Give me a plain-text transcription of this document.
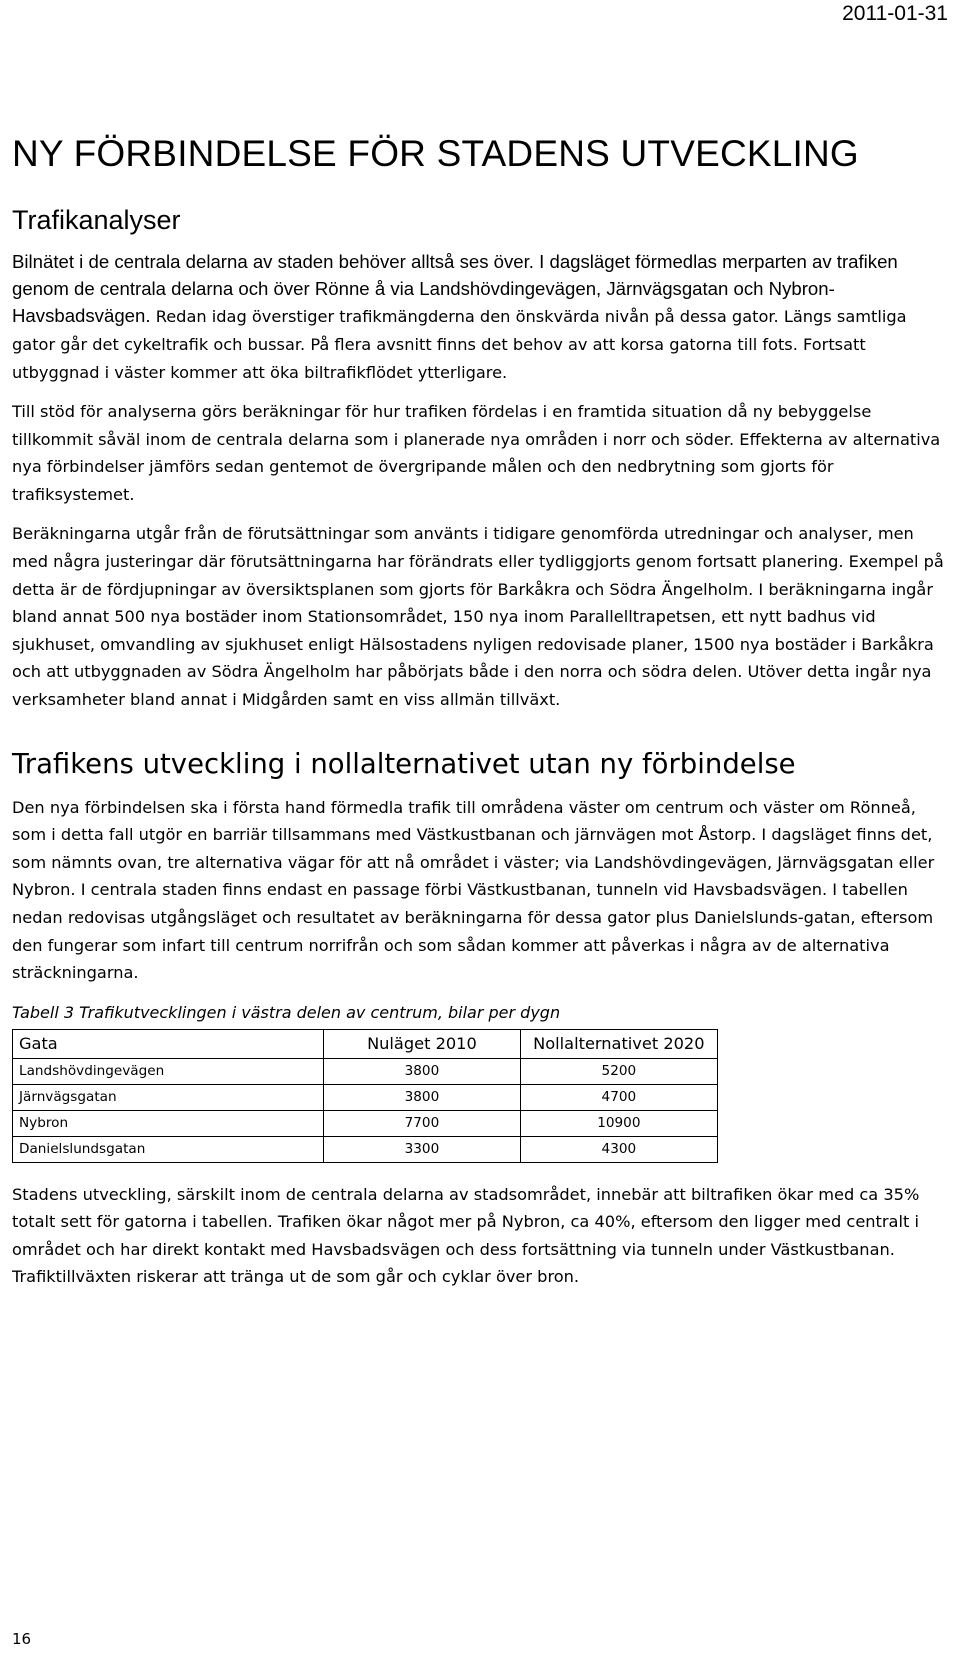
2011-01-31
NY FÖRBINDELSE FÖR STADENS UTVECKLING
Trafikanalyser

Bilnätet i de centrala delarna av staden behöver alltså ses över. I dagsläget förmedlas merparten av trafiken genom de centrala delarna och över Rönne å via Landshövdingevägen, Järnvägsgatan och Nybron-Havsbadsvägen. Redan idag överstiger trafikmängderna den önskvärda nivån på dessa gator. Längs samtliga gator går det cykeltrafik och bussar. På flera avsnitt finns det behov av att korsa gatorna till fots. Fortsatt utbyggnad i väster kommer att öka biltrafikflödet ytterligare.

Till stöd för analyserna görs beräkningar för hur trafiken fördelas i en framtida situation då ny bebyggelse tillkommit såväl inom de centrala delarna som i planerade nya områden i norr och söder. Effekterna av alternativa nya förbindelser jämförs sedan gentemot de övergripande målen och den nedbrytning som gjorts för trafiksystemet.

Beräkningarna utgår från de förutsättningar som använts i tidigare genomförda utredningar och analyser, men med några justeringar där förutsättningarna har förändrats eller tydliggjorts genom fortsatt planering. Exempel på detta är de fördjupningar av översiktsplanen som gjorts för Barkåkra och Södra Ängelholm. I beräkningarna ingår bland annat 500 nya bostäder inom Stationsområdet, 150 nya inom Parallelltrapetsen, ett nytt badhus vid sjukhuset, omvandling av sjukhuset enligt Hälsostadens nyligen redovisade planer, 1500 nya bostäder i Barkåkra och att utbyggnaden av Södra Ängelholm har påbörjats både i den norra och södra delen. Utöver detta ingår nya verksamheter bland annat i Midgården samt en viss allmän tillväxt.

Trafikens utveckling i nollalternativet utan ny förbindelse

Den nya förbindelsen ska i första hand förmedla trafik till områdena väster om centrum och väster om Rönneå, som i detta fall utgör en barriär tillsammans med Västkustbanan och järnvägen mot Åstorp. I dagsläget finns det, som nämnts ovan, tre alternativa vägar för att nå området i väster; via Landshövdingevägen, Järnvägsgatan eller Nybron. I centrala staden finns endast en passage förbi Västkustbanan, tunneln vid Havsbadsvägen. I tabellen nedan redovisas utgångsläget och resultatet av beräkningarna för dessa gator plus Danielslunds-gatan, eftersom den fungerar som infart till centrum norrifrån och som sådan kommer att påverkas i några av de alternativa sträckningarna.

Tabell 3 Trafikutvecklingen i västra delen av centrum, bilar per dygn
Gata	Nuläget 2010	Nollalternativet 2020
Landshövdingevägen	3800	5200
Järnvägsgatan	3800	4700
Nybron	7700	10900
Danielslundsgatan	3300	4300

Stadens utveckling, särskilt inom de centrala delarna av stadsområdet, innebär att biltrafiken ökar med ca 35% totalt sett för gatorna i tabellen. Trafiken ökar något mer på Nybron, ca 40%, eftersom den ligger med centralt i området och har direkt kontakt med Havsbadsvägen och dess fortsättning via tunneln under Västkustbanan. Trafiktillväxten riskerar att tränga ut de som går och cyklar över bron.

16
